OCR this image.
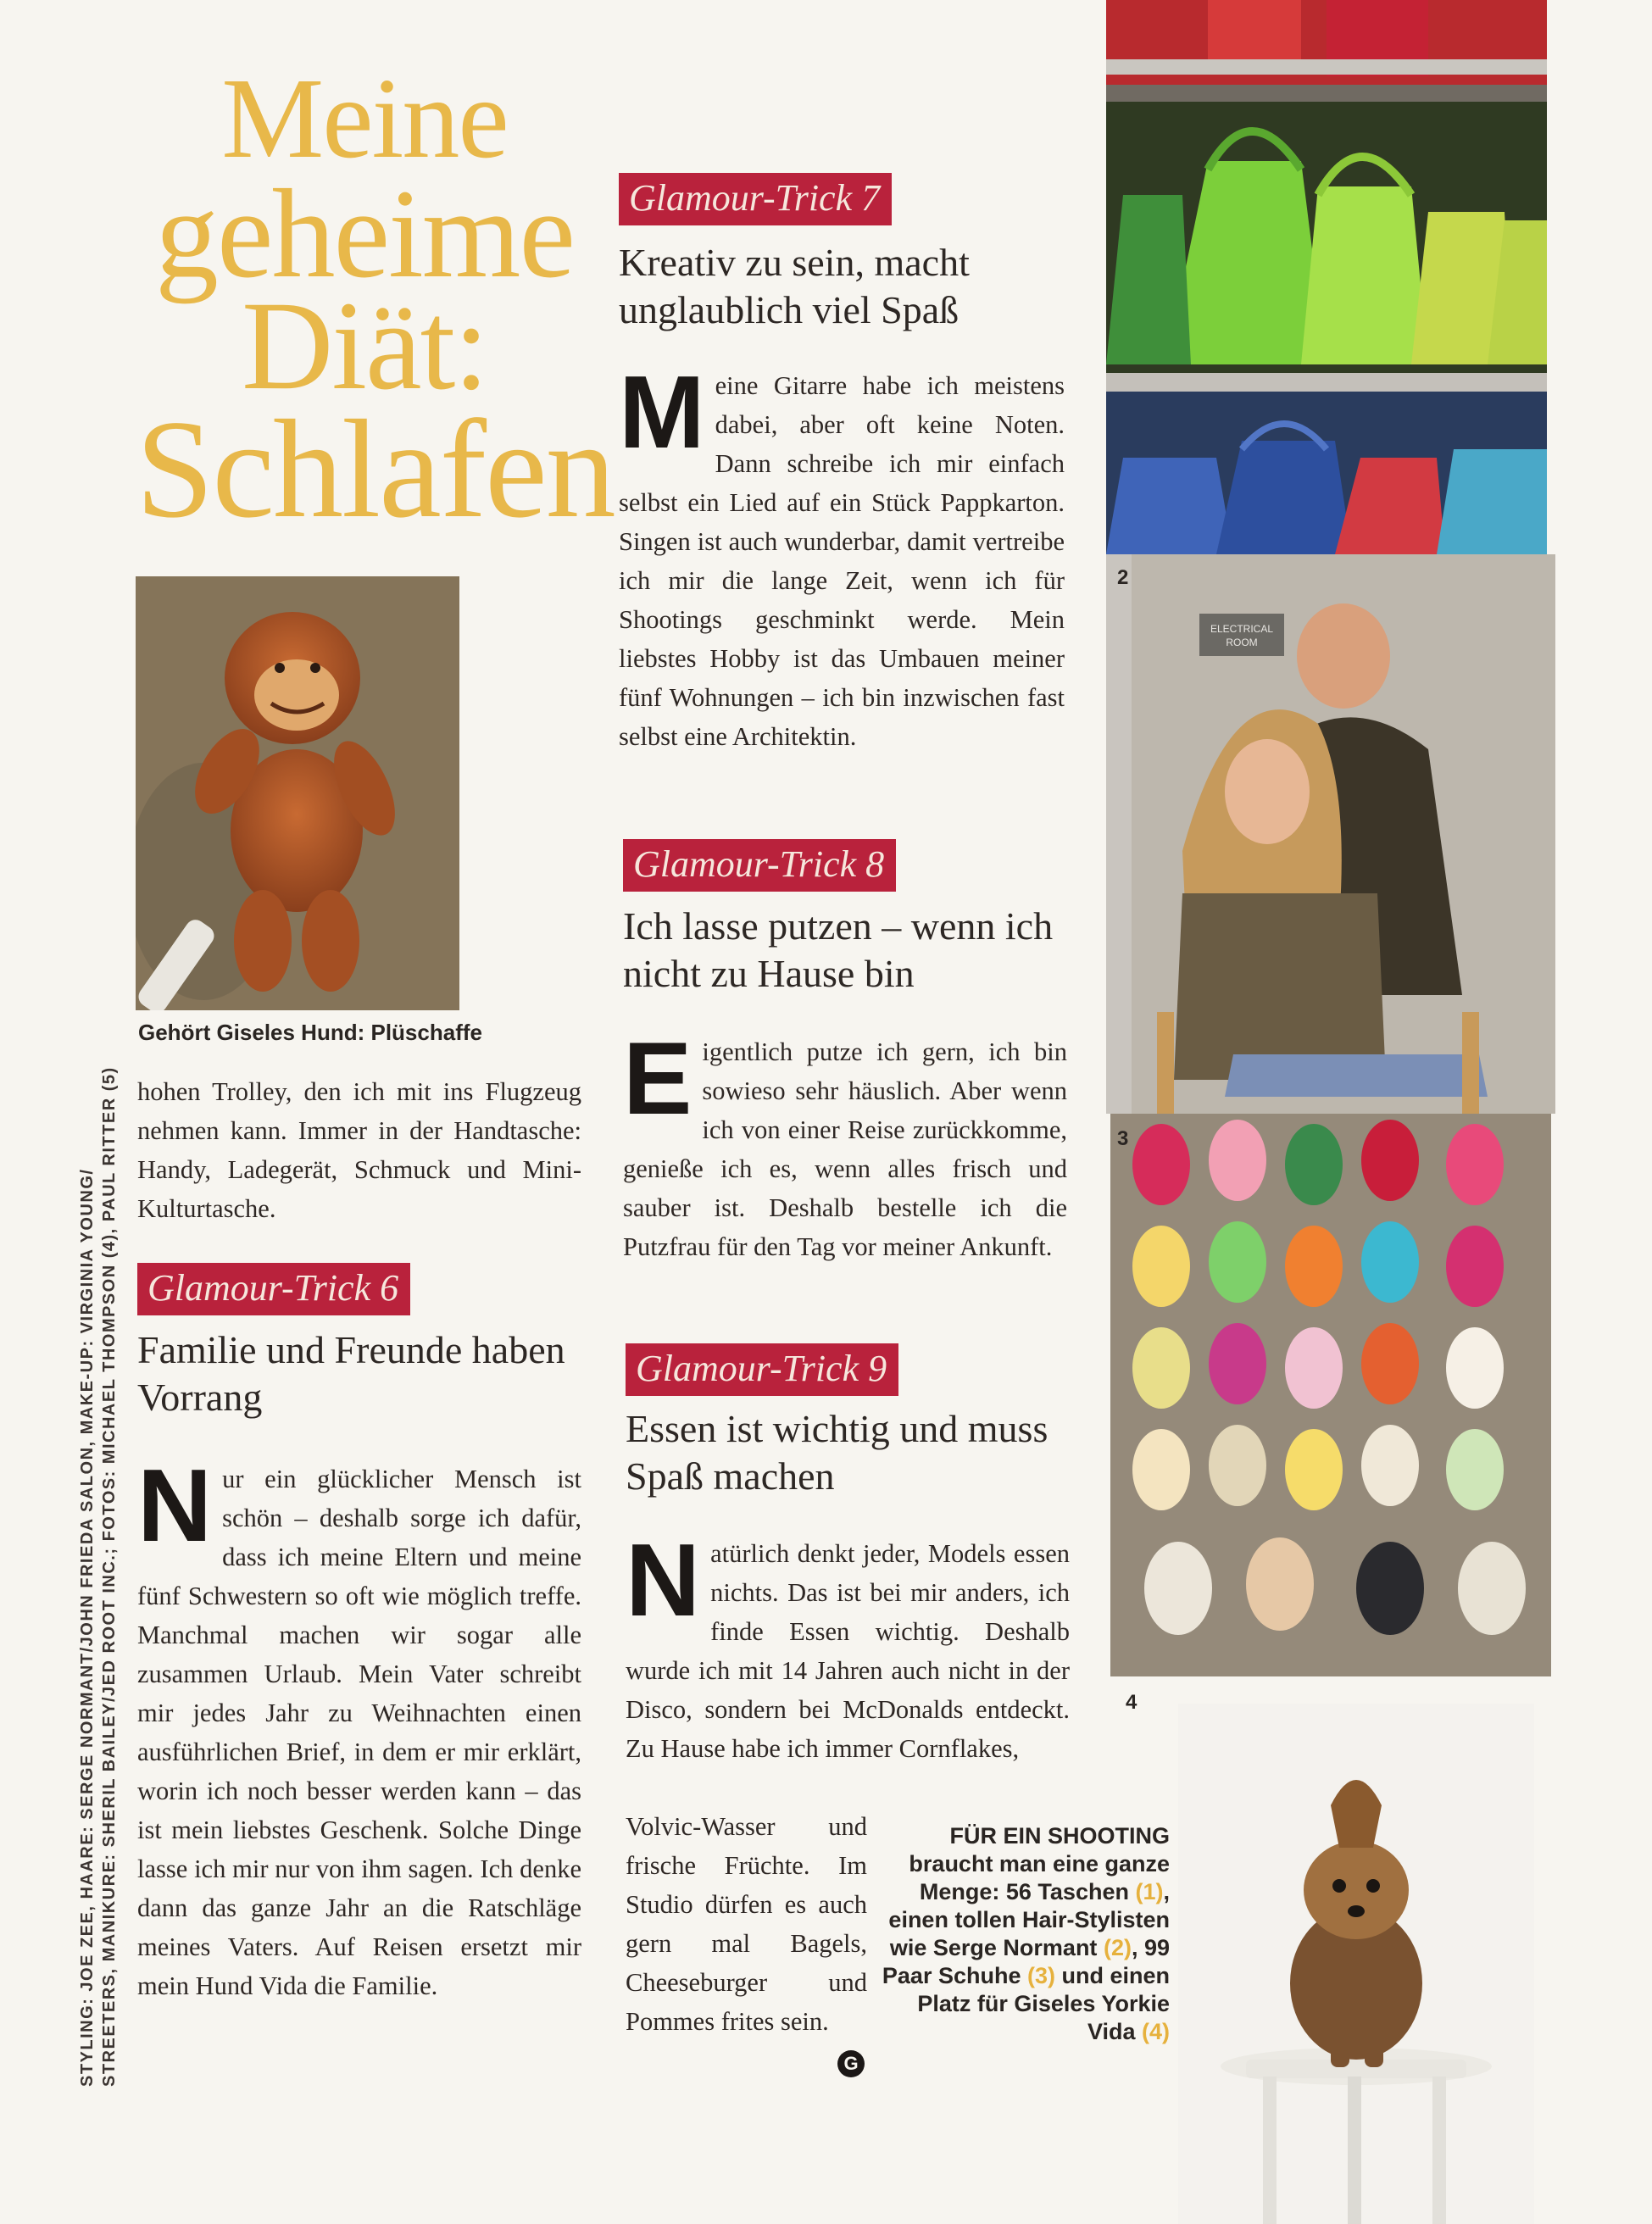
Meine
geheime
Diät:
Schlafen
Gehört Giseles Hund: Plüschaffe
STYLING: JOE ZEE, HAARE: SERGE NORMANT/JOHN FRIEDA SALON, MAKE-UP: VIRGINIA YOUNG/ STREETERS, MANIKURE: SHERIL BAILEY/JED ROOT INC.; FOTOS: MICHAEL THOMPSON (4), PAUL RITTER (5) hohen Trolley, den ich mit ins Flugzeug nehmen kann. Immer in der Handtasche: Handy, Ladegerät, Schmuck und Mini-Kulturtasche.

Glamour-Trick 6
Familie und Freunde haben Vorrang

Nur ein glücklicher Mensch ist schön – deshalb sorge ich dafür, dass ich meine Eltern und meine fünf Schwestern so oft wie möglich treffe. Manchmal machen wir sogar alle zusammen Urlaub. Mein Vater schreibt mir jedes Jahr zu Weihnachten einen ausführlichen Brief, in dem er mir erklärt, worin ich noch besser werden kann – das ist mein liebstes Geschenk. Solche Dinge lasse ich mir nur von ihm sagen. Ich denke dann das ganze Jahr an die Ratschläge meines Vaters. Auf Reisen ersetzt mir mein Hund Vida die Familie.

Glamour-Trick 7
Kreativ zu sein, macht unglaublich viel Spaß

Meine Gitarre habe ich meistens dabei, aber oft keine Noten. Dann schreibe ich mir einfach selbst ein Lied auf ein Stück Pappkarton. Singen ist auch wunderbar, damit vertreibe ich mir die lange Zeit, wenn ich für Shootings geschminkt werde. Mein liebstes Hobby ist das Umbauen meiner fünf Wohnungen – ich bin inzwischen fast selbst eine Architektin.

Glamour-Trick 8
Ich lasse putzen – wenn ich nicht zu Hause bin

Eigentlich putze ich gern, ich bin sowieso sehr häuslich. Aber wenn ich von einer Reise zurückkomme, genieße ich es, wenn alles frisch und sauber ist. Deshalb bestelle ich die Putzfrau für den Tag vor meiner Ankunft.

Glamour-Trick 9
Essen ist wichtig und muss Spaß machen

Natürlich denkt jeder, Models essen nichts. Das ist bei mir anders, ich finde Essen wichtig. Deshalb wurde ich mit 14 Jahren auch nicht in der Disco, sondern bei McDonalds entdeckt. Zu Hause habe ich immer Cornflakes,

Volvic-Wasser und frische Früchte. Im Studio dürfen es auch gern mal Bagels, Cheeseburger und Pommes frites sein.

G
ELECTRICAL
ROOM
2
3
4
FÜR EIN SHOOTING
braucht man eine ganze Menge: 56 Taschen (1), einen tollen Hair-Stylisten wie Serge Normant (2), 99 Paar Schuhe (3) und einen Platz für Giseles Yorkie Vida (4)
